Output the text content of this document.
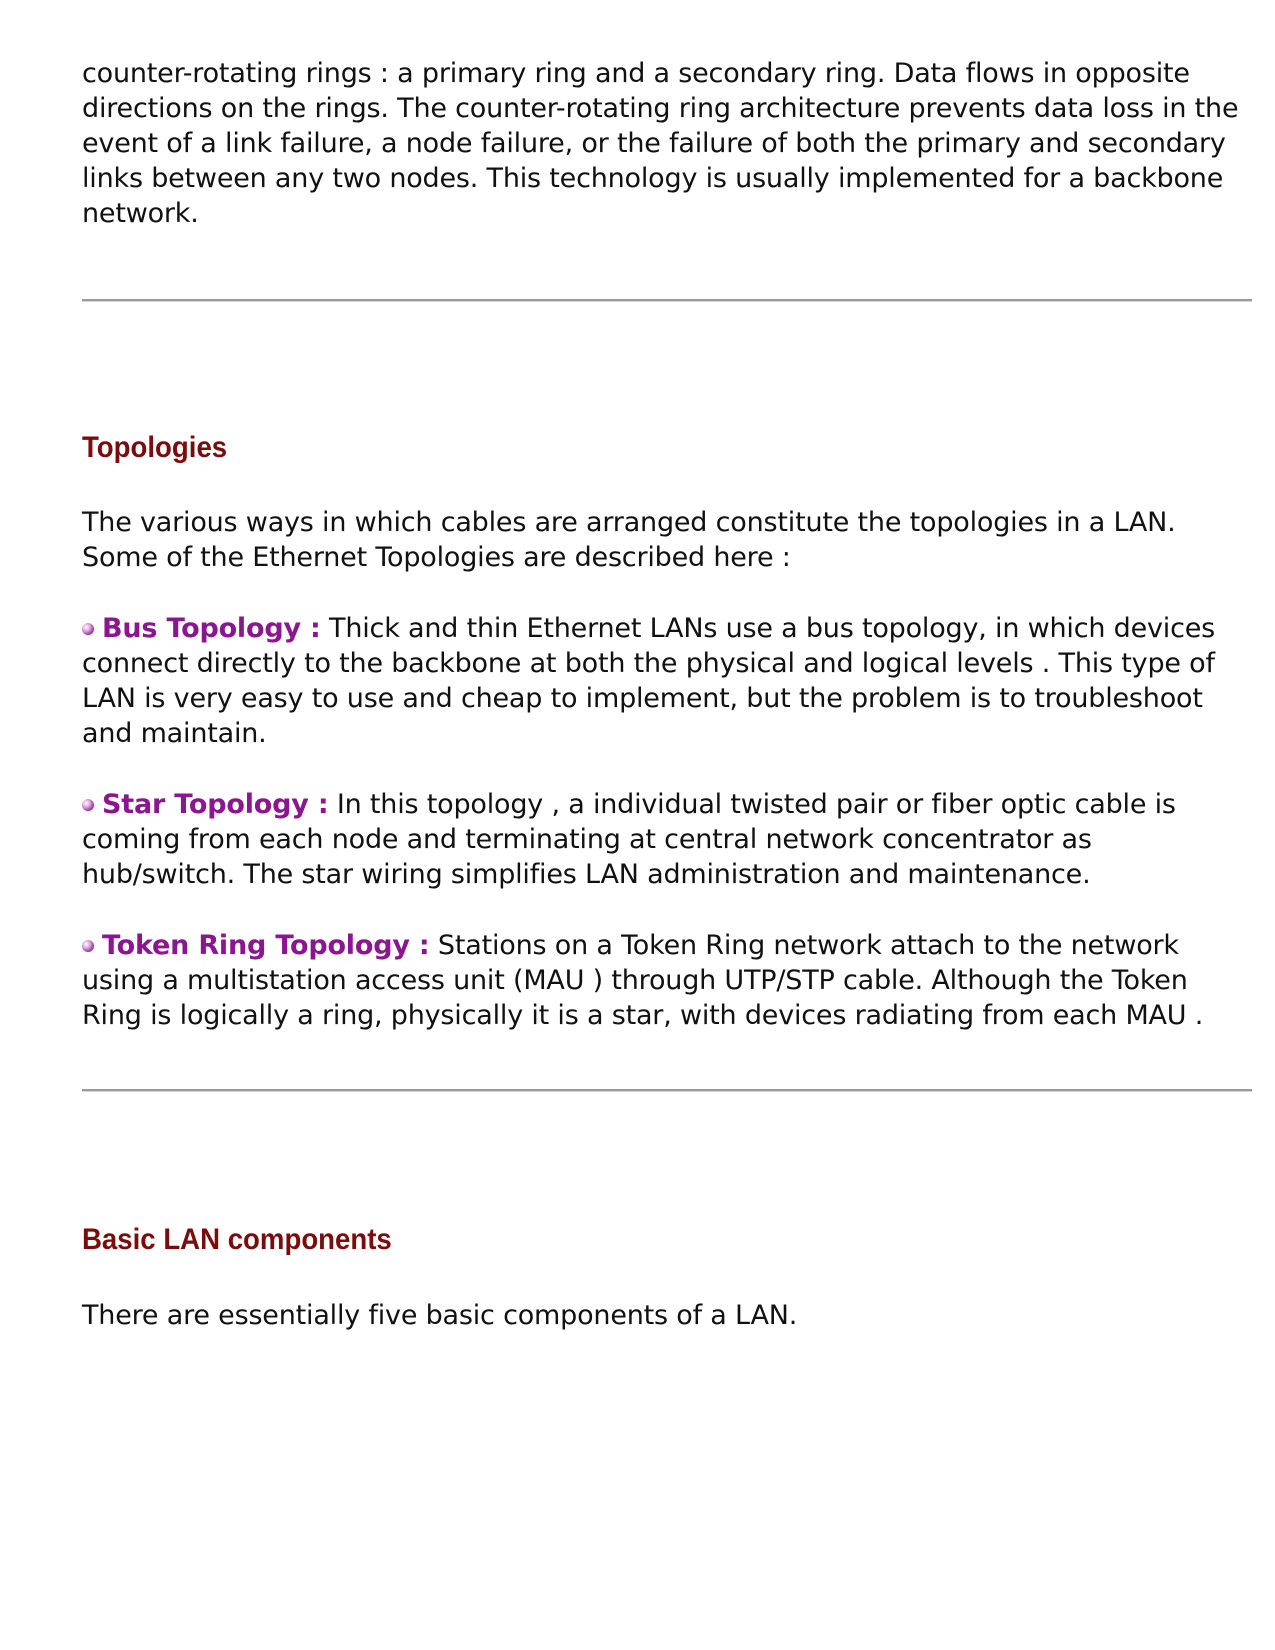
counter-rotating rings : a primary ring and a secondary ring. Data flows in opposite directions on the rings. The counter-rotating ring architecture prevents data loss in the event of a link failure, a node failure, or the failure of both the primary and secondary links between any two nodes. This technology is usually implemented for a backbone network.

Topologies

The various ways in which cables are arranged constitute the topologies in a LAN. Some of the Ethernet Topologies are described here :

Bus Topology : Thick and thin Ethernet LANs use a bus topology, in which devices connect directly to the backbone at both the physical and logical levels . This type of LAN is very easy to use and cheap to implement, but the problem is to troubleshoot and maintain.

Star Topology : In this topology , a individual twisted pair or fiber optic cable is coming from each node and terminating at central network concentrator as hub/switch. The star wiring simplifies LAN administration and maintenance.

Token Ring Topology : Stations on a Token Ring network attach to the network using a multistation access unit (MAU ) through UTP/STP cable. Although the Token Ring is logically a ring, physically it is a star, with devices radiating from each MAU .

Basic LAN components

There are essentially five basic components of a LAN.
